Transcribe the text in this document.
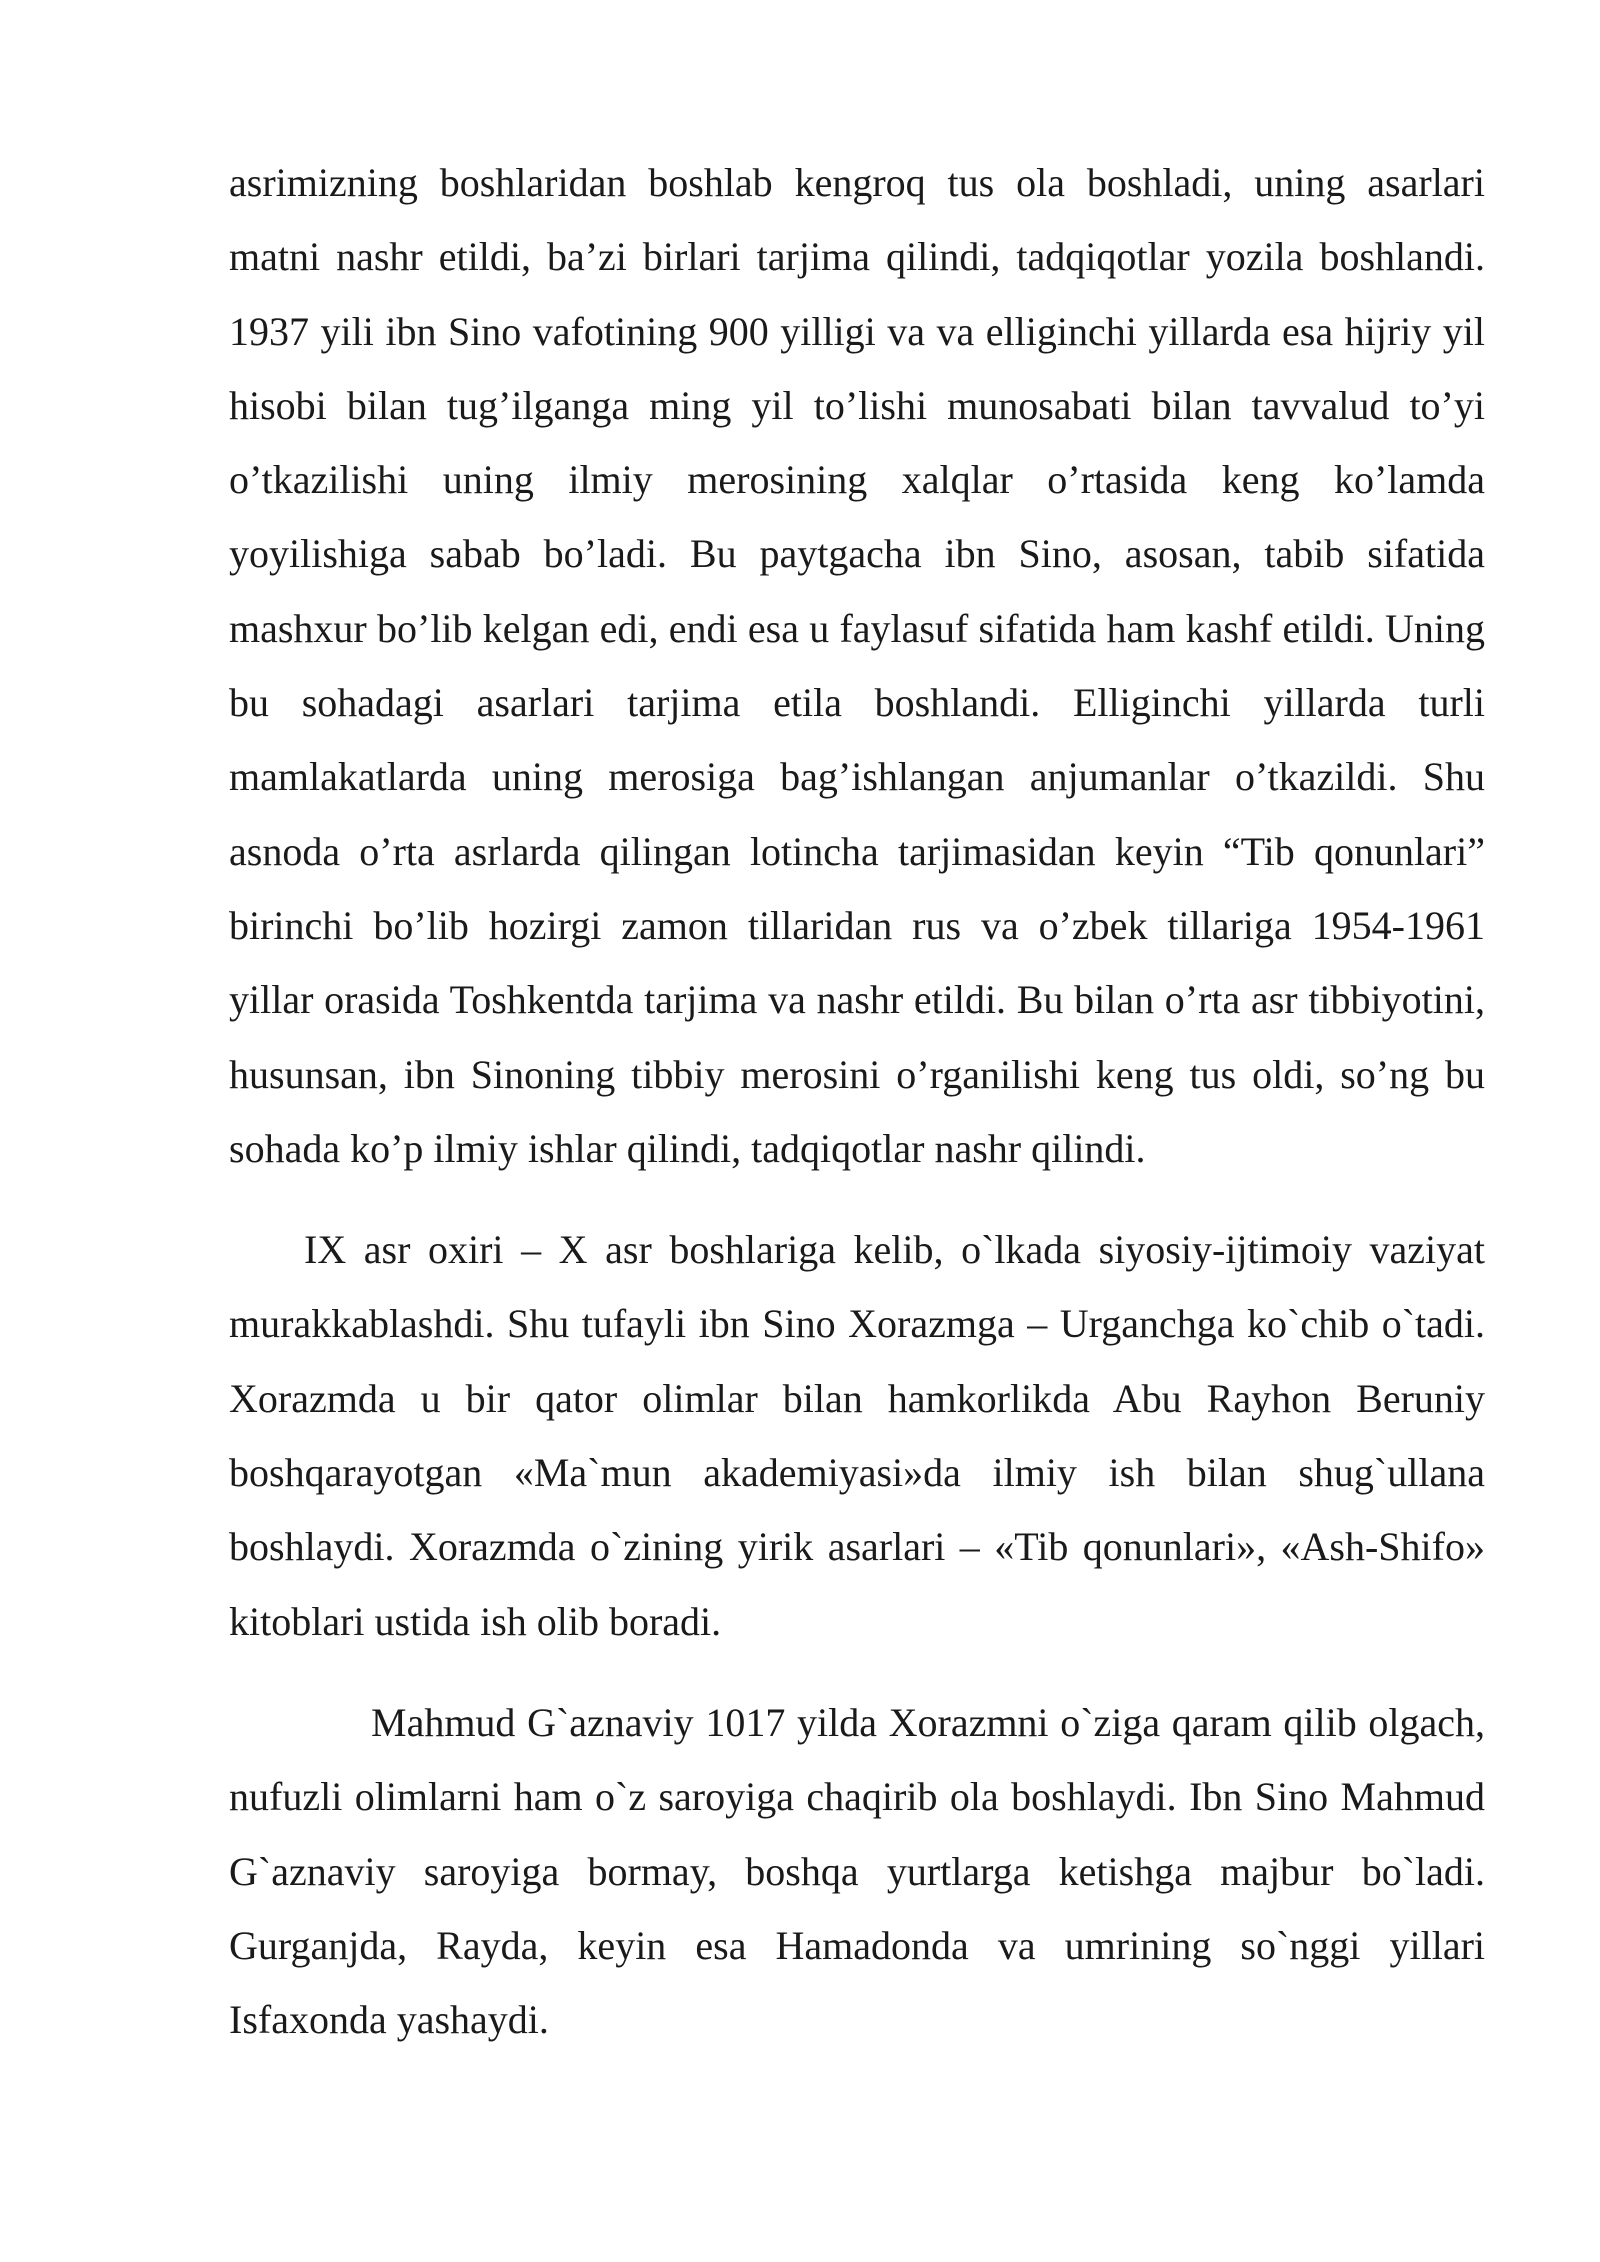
asrimizning boshlaridan boshlab kengroq tus ola boshladi, uning asarlari matni nashr etildi, ba’zi birlari tarjima qilindi, tadqiqotlar yozila boshlandi. 1937 yili ibn Sino vafotining 900 yilligi va va elliginchi yillarda esa hijriy yil hisobi bilan tug’ilganga ming yil to’lishi munosabati bilan tavvalud to’yi o’tkazilishi uning ilmiy merosining xalqlar o’rtasida keng ko’lamda yoyilishiga sabab bo’ladi. Bu paytgacha ibn Sino, asosan, tabib sifatida mashxur bo’lib kelgan edi, endi esa u faylasuf sifatida ham kashf etildi. Uning bu sohadagi asarlari tarjima etila boshlandi. Elliginchi yillarda turli mamlakatlarda uning merosiga bag’ishlangan anjumanlar o’tkazildi. Shu asnoda o’rta asrlarda qilingan lotincha tarjimasidan keyin “Tib qonunlari” birinchi bo’lib hozirgi zamon tillaridan rus va o’zbek tillariga 1954-1961 yillar orasida Toshkentda tarjima va nashr etildi. Bu bilan o’rta asr tibbiyotini, husunsan, ibn Sinoning tibbiy merosini o’rganilishi keng tus oldi, so’ng bu sohada ko’p ilmiy ishlar qilindi, tadqiqotlar nashr qilindi.

IX asr oxiri – X asr boshlariga kelib, o`lkada siyosiy-ijtimoiy vaziyat murakkablashdi. Shu tufayli ibn Sino Xorazmga – Urganchga ko`chib o`tadi. Xorazmda u bir qator olimlar bilan hamkorlikda Abu Rayhon Beruniy boshqarayotgan «Ma`mun akademiyasi»da ilmiy ish bilan shug`ullana boshlaydi. Xorazmda o`zining yirik asarlari – «Tib qonunlari», «Ash-Shifo» kitoblari ustida ish olib boradi.

Mahmud G`aznaviy 1017 yilda Xorazmni o`ziga qaram qilib olgach, nufuzli olimlarni ham o`z saroyiga chaqirib ola boshlaydi. Ibn Sino Mahmud G`aznaviy saroyiga bormay, boshqa yurtlarga ketishga majbur bo`ladi. Gurganjda, Rayda, keyin esa Hamadonda va umrining so`nggi yillari Isfaxonda yashaydi.
